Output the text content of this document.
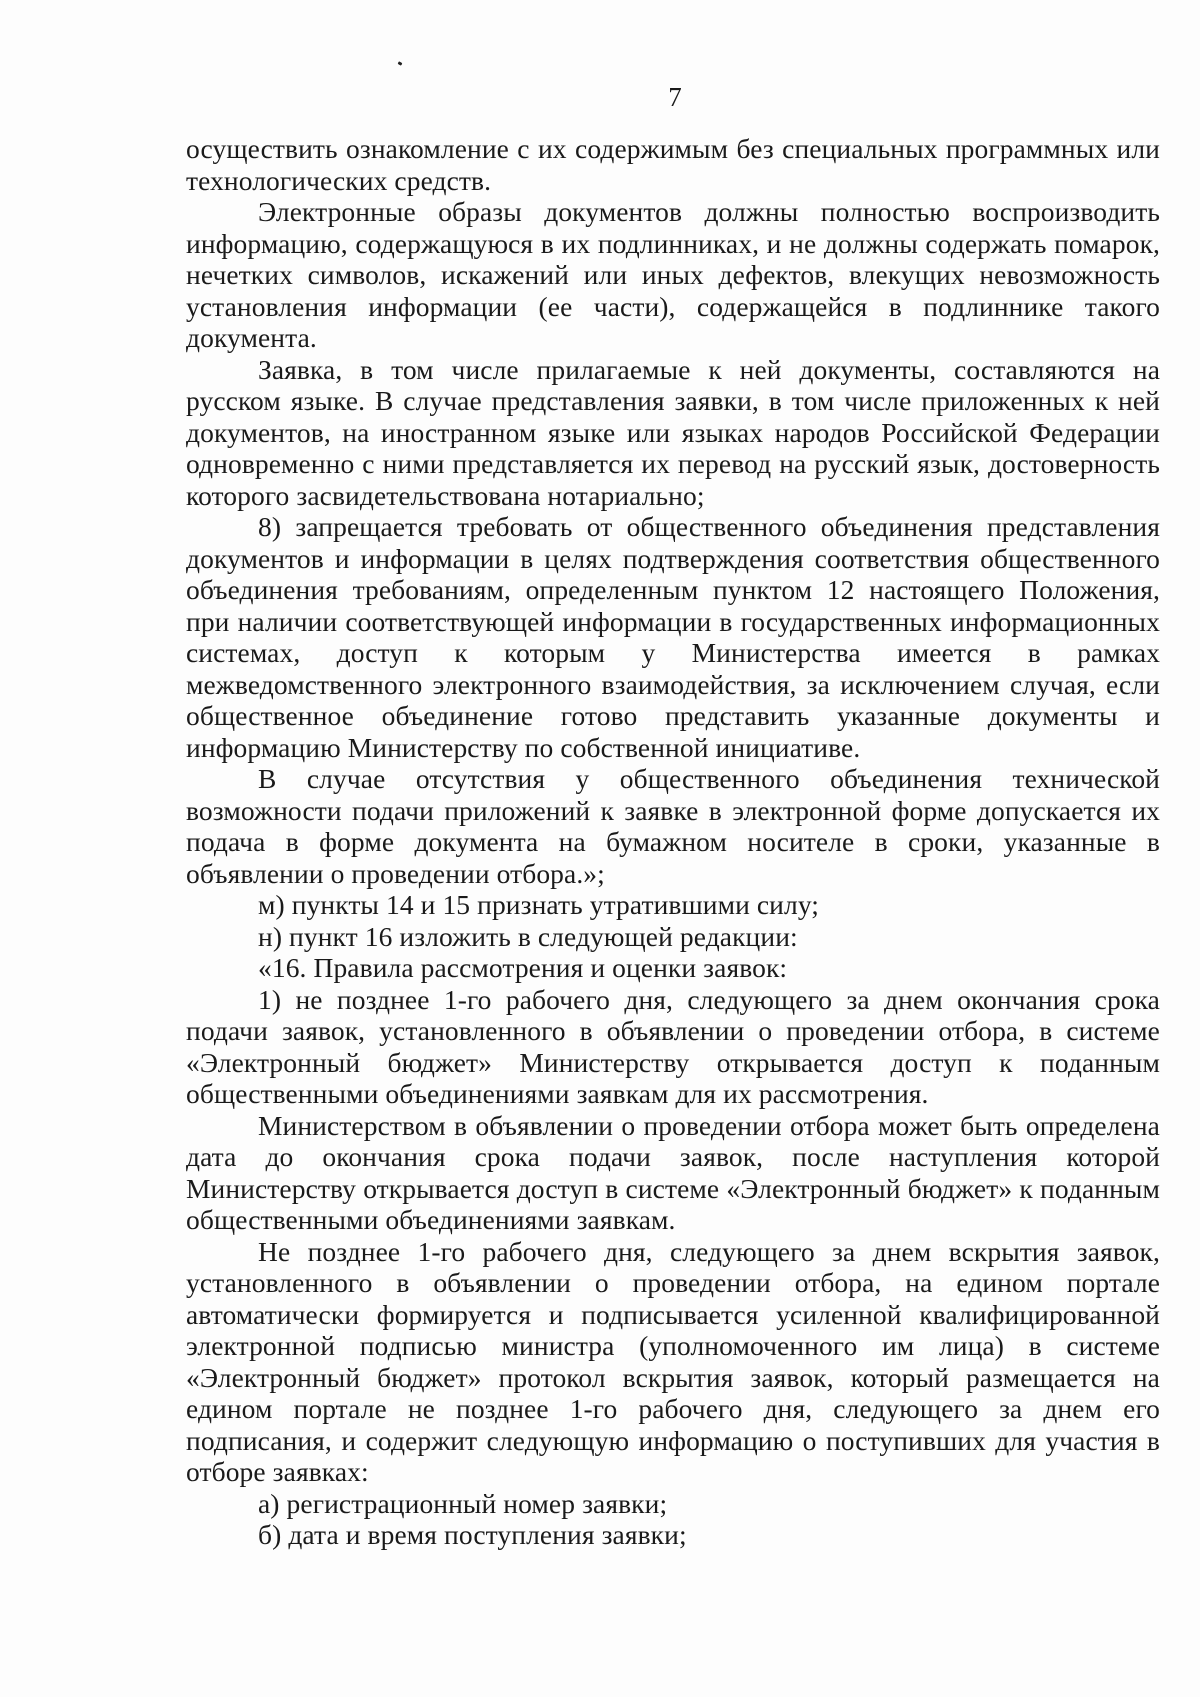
7

осуществить ознакомление с их содержимым без специальных программных или технологических средств.

Электронные образы документов должны полностью воспроизводить информацию, содержащуюся в их подлинниках, и не должны содержать помарок, нечетких символов, искажений или иных дефектов, влекущих невозможность установления информации (ее части), содержащейся в подлиннике такого документа.

Заявка, в том числе прилагаемые к ней документы, составляются на русском языке. В случае представления заявки, в том числе приложенных к ней документов, на иностранном языке или языках народов Российской Федерации одновременно с ними представляется их перевод на русский язык, достоверность которого засвидетельствована нотариально;

8) запрещается требовать от общественного объединения представления документов и информации в целях подтверждения соответствия общественного объединения требованиям, определенным пунктом 12 настоящего Положения, при наличии соответствующей информации в государственных информационных системах, доступ к которым у Министерства имеется в рамках межведомственного электронного взаимодействия, за исключением случая, если общественное объединение готово представить указанные документы и информацию Министерству по собственной инициативе.

В случае отсутствия у общественного объединения технической возможности подачи приложений к заявке в электронной форме допускается их подача в форме документа на бумажном носителе в сроки, указанные в объявлении о проведении отбора.»;

м) пункты 14 и 15 признать утратившими силу;

н) пункт 16 изложить в следующей редакции:

«16. Правила рассмотрения и оценки заявок:

1) не позднее 1-го рабочего дня, следующего за днем окончания срока подачи заявок, установленного в объявлении о проведении отбора, в системе «Электронный бюджет» Министерству открывается доступ к поданным общественными объединениями заявкам для их рассмотрения.

Министерством в объявлении о проведении отбора может быть определена дата до окончания срока подачи заявок, после наступления которой Министерству открывается доступ в системе «Электронный бюджет» к поданным общественными объединениями заявкам.

Не позднее 1-го рабочего дня, следующего за днем вскрытия заявок, установленного в объявлении о проведении отбора, на едином портале автоматически формируется и подписывается усиленной квалифицированной электронной подписью министра (уполномоченного им лица) в системе «Электронный бюджет» протокол вскрытия заявок, который размещается на едином портале не позднее 1-го рабочего дня, следующего за днем его подписания, и содержит следующую информацию о поступивших для участия в отборе заявках:

а) регистрационный номер заявки;

б) дата и время поступления заявки;
